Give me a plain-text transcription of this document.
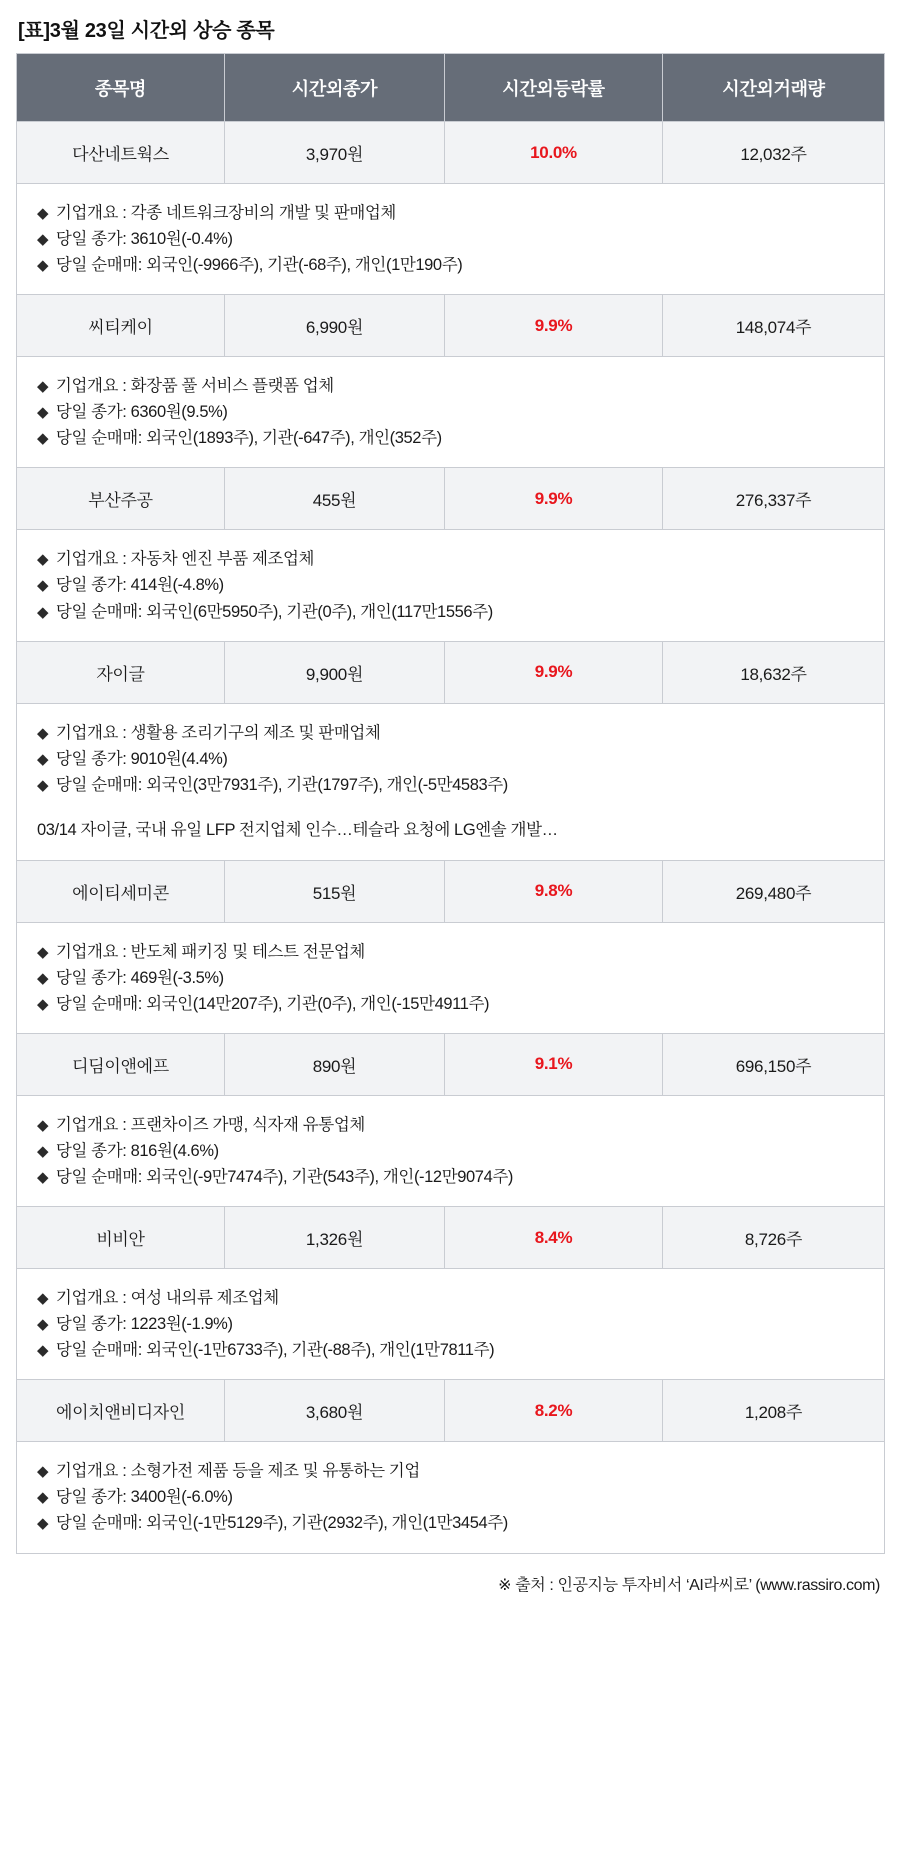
[표]3월 23일 시간외 상승 종목
종목명	시간외종가	시간외등락률	시간외거래량
다산네트웍스	3,970원	10.0%	12,032주

◆ 기업개요 : 각종 네트워크장비의 개발 및 판매업체
◆ 당일 종가: 3610원(-0.4%)
◆ 당일 순매매: 외국인(-9966주), 기관(-68주), 개인(1만190주)			

씨티케이	6,990원	9.9%	148,074주

◆ 기업개요 : 화장품 풀 서비스 플랫폼 업체
◆ 당일 종가: 6360원(9.5%)
◆ 당일 순매매: 외국인(1893주), 기관(-647주), 개인(352주)			

부산주공	455원	9.9%	276,337주

◆ 기업개요 : 자동차 엔진 부품 제조업체
◆ 당일 종가: 414원(-4.8%)
◆ 당일 순매매: 외국인(6만5950주), 기관(0주), 개인(117만1556주)			

자이글	9,900원	9.9%	18,632주

◆ 기업개요 : 생활용 조리기구의 제조 및 판매업체
◆ 당일 종가: 9010원(4.4%)
◆ 당일 순매매: 외국인(3만7931주), 기관(1797주), 개인(-5만4583주)
03/14 자이글, 국내 유일 LFP 전지업체 인수…테슬라 요청에 LG엔솔 개발…			

에이티세미콘	515원	9.8%	269,480주

◆ 기업개요 : 반도체 패키징 및 테스트 전문업체
◆ 당일 종가: 469원(-3.5%)
◆ 당일 순매매: 외국인(14만207주), 기관(0주), 개인(-15만4911주)			

디딤이앤에프	890원	9.1%	696,150주

◆ 기업개요 : 프랜차이즈 가맹, 식자재 유통업체
◆ 당일 종가: 816원(4.6%)
◆ 당일 순매매: 외국인(-9만7474주), 기관(543주), 개인(-12만9074주)			

비비안	1,326원	8.4%	8,726주

◆ 기업개요 : 여성 내의류 제조업체
◆ 당일 종가: 1223원(-1.9%)
◆ 당일 순매매: 외국인(-1만6733주), 기관(-88주), 개인(1만7811주)			

에이치앤비디자인	3,680원	8.2%	1,208주

◆ 기업개요 : 소형가전 제품 등을 제조 및 유통하는 기업
◆ 당일 종가: 3400원(-6.0%)
◆ 당일 순매매: 외국인(-1만5129주), 기관(2932주), 개인(1만3454주)			
※ 출처 : 인공지능 투자비서 ‘AI라씨로’ (www.rassiro.com)
